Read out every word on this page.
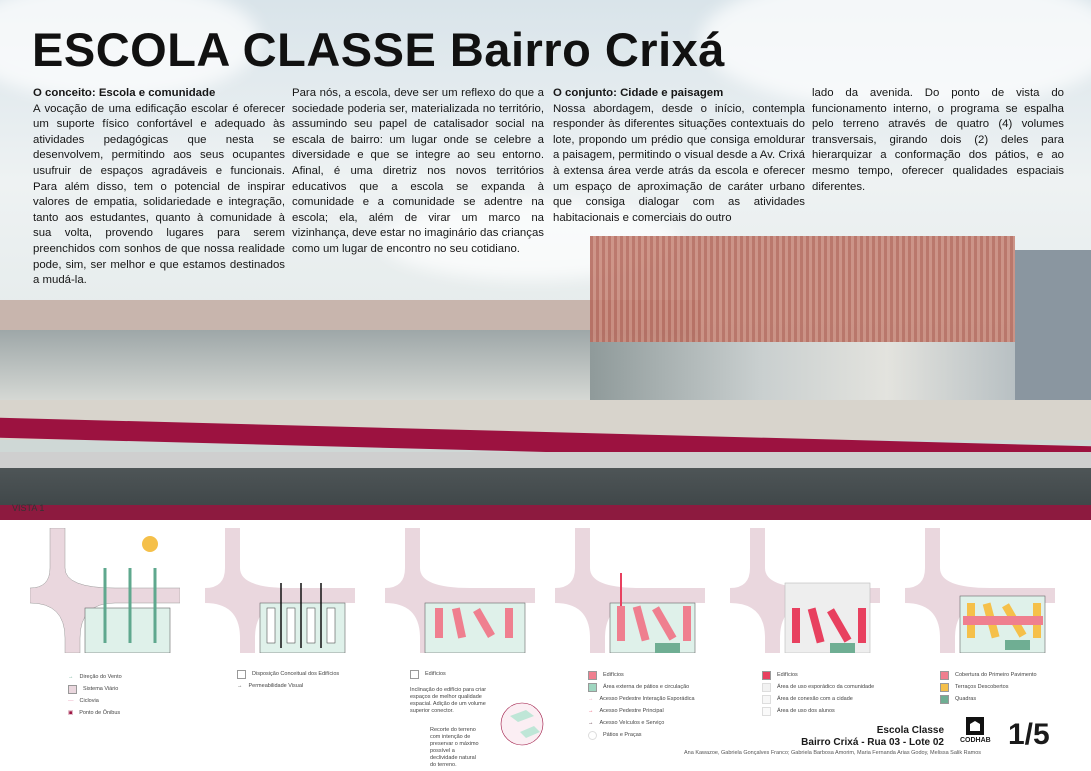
ESCOLA CLASSE Bairro Crixá
O conceito: Escola e comunidade

A vocação de uma edificação escolar é oferecer um suporte físico confortável e adequado às atividades pedagógicas que nesta se desenvolvem, permitindo aos seus ocupantes usufruir de espaços agradáveis e funcionais. Para além disso, tem o potencial de inspirar valores de empatia, solidariedade e integração, tanto aos estudantes, quanto à comunidade à sua volta, provendo lugares para serem preenchidos com sonhos de que nossa realidade pode, sim, ser melhor e que estamos destinados a mudá-la.

Para nós, a escola, deve ser um reflexo do que a sociedade poderia ser, materializada no território, assumindo seu papel de catalisador social na escala de bairro: um lugar onde se celebre a diversidade e que se integre ao seu entorno. Afinal, é uma diretriz nos novos territórios educativos que a escola se expanda à comunidade e a comunidade se adentre na escola; ela, além de virar um marco na vizinhança, deve estar no imaginário das crianças como um lugar de encontro no seu cotidiano.

O conjunto: Cidade e paisagem

Nossa abordagem, desde o início, contempla responder às diferentes situações contextuais do lote, propondo um prédio que consiga emoldurar a paisagem, permitindo o visual desde a Av. Crixá à extensa área verde atrás da escola e oferecer um espaço de aproximação de caráter urbano que consiga dialogar com as atividades habitacionais e comerciais do outro

lado da avenida. Do ponto de vista do funcionamento interno, o programa se espalha pelo terreno através de quatro (4) volumes transversais, girando dois (2) deles para hierarquizar a conformação dos pátios, e ao mesmo tempo, oferecer qualidades espaciais diferentes.

VISTA 1
→ Direção do Vento
Sistema Viário
— Ciclovia
▣ Ponto de Ônibus
Disposição Conceitual dos Edifícios
→ Permeabilidade Visual
Edifícios

Inclinação do edifício para criar espaços de melhor qualidade espacial. Adição de um volume superior conector.

Recorte do terreno com intenção de preservar o máximo possível a declividade natural do terreno.

Edifícios
Área externa de pátios e circulação
→ Acesso Pedestre Interação Esporádica
→ Acesso Pedestre Principal
→ Acesso Veículos e Serviço
Pátios e Praças
Edifícios
Área de uso esporádico da comunidade
Área de conexão com a cidade
Área de uso dos alunos
Cobertura do Primeiro Pavimento
Terraços Descobertos
Quadras
Escola Classe
Bairro Crixá - Rua 03 - Lote 02 CODHAB 1/5
Ana Kawazoe, Gabriela Gonçalves Franco; Gabriela Barbosa Amorim, Maria Fernanda Arias Godoy, Melissa Salik Ramos
